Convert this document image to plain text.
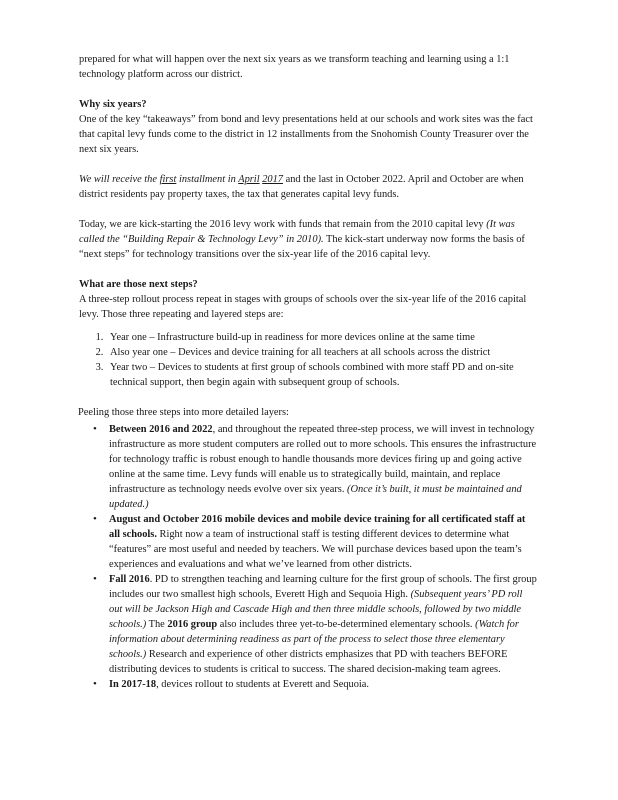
prepared for what will happen over the next six years as we transform teaching and learning using a 1:1 technology platform across our district.

Why six years?

One of the key “takeaways” from bond and levy presentations held at our schools and work sites was the fact that capital levy funds come to the district in 12 installments from the Snohomish County Treasurer over the next six years.

We will receive the first installment in April 2017 and the last in October 2022. April and October are when district residents pay property taxes, the tax that generates capital levy funds.

Today, we are kick-starting the 2016 levy work with funds that remain from the 2010 capital levy (It was called the “Building Repair & Technology Levy” in 2010). The kick-start underway now forms the basis of “next steps” for technology transitions over the six-year life of the 2016 capital levy.

What are those next steps?

A three-step rollout process repeat in stages with groups of schools over the six-year life of the 2016 capital levy. Those three repeating and layered steps are:

1. Year one – Infrastructure build-up in readiness for more devices online at the same time
2. Also year one – Devices and device training for all teachers at all schools across the district
3. Year two – Devices to students at first group of schools combined with more staff PD and on-site technical support, then begin again with subsequent group of schools.

Peeling those three steps into more detailed layers:

• Between 2016 and 2022, and throughout the repeated three-step process, we will invest in technology infrastructure as more student computers are rolled out to more schools. This ensures the infrastructure for technology traffic is robust enough to handle thousands more devices firing up and going active online at the same time. Levy funds will enable us to strategically build, maintain, and replace infrastructure as technology needs evolve over six years. (Once it’s built, it must be maintained and updated.)
• August and October 2016 mobile devices and mobile device training for all certificated staff at all schools. Right now a team of instructional staff is testing different devices to determine what “features” are most useful and needed by teachers. We will purchase devices based upon the team’s experiences and evaluations and what we’ve learned from other districts.
• Fall 2016. PD to strengthen teaching and learning culture for the first group of schools. The first group includes our two smallest high schools, Everett High and Sequoia High. (Subsequent years’ PD roll out will be Jackson High and Cascade High and then three middle schools, followed by two middle schools.) The 2016 group also includes three yet-to-be-determined elementary schools. (Watch for information about determining readiness as part of the process to select those three elementary schools.) Research and experience of other districts emphasizes that PD with teachers BEFORE distributing devices to students is critical to success. The shared decision-making team agrees.
• In 2017-18, devices rollout to students at Everett and Sequoia.
